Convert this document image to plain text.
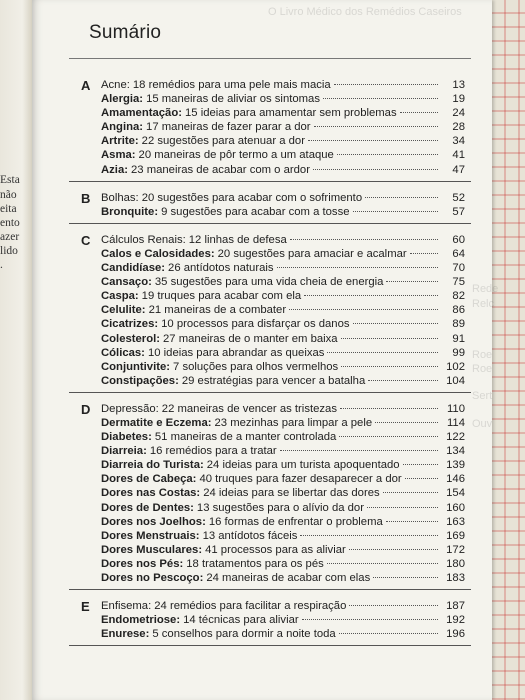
Esta
não
eita
ento
azer
lido
.
O Livro Médico dos Remédios Caseiros
Rede
Relc
Roe
Roe
Sert
Ouv
Sumário
A Acne: 18 remédios para uma pele mais macia	13
Alergia: 15 maneiras de aliviar os sintomas	19
Amamentação: 15 ideias para amamentar sem problemas	24
Angina: 17 maneiras de fazer parar a dor	28
Artrite: 22 sugestões para atenuar a dor	34
Asma: 20 maneiras de pôr termo a um ataque	41
Azia: 23 maneiras de acabar com o ardor	47
B Bolhas: 20 sugestões para acabar com o sofrimento	52
Bronquite: 9 sugestões para acabar com a tosse	57
C Cálculos Renais: 12 linhas de defesa	60
Calos e Calosidades: 20 sugestões para amaciar e acalmar	64
Candidíase: 26 antídotos naturais	70
Cansaço: 35 sugestões para uma vida cheia de energia	75
Caspa: 19 truques para acabar com ela	82
Celulite: 21 maneiras de a combater	86
Cicatrizes: 10 processos para disfarçar os danos	89
Colesterol: 27 maneiras de o manter em baixa	91
Cólicas: 10 ideias para abrandar as queixas	99
Conjuntivite: 7 soluções para olhos vermelhos	102
Constipações: 29 estratégias para vencer a batalha	104
D Depressão: 22 maneiras de vencer as tristezas	110
Dermatite e Eczema: 23 mezinhas para limpar a pele	114
Diabetes: 51 maneiras de a manter controlada	122
Diarreia: 16 remédios para a tratar	134
Diarreia do Turista: 24 ideias para um turista apoquentado	139
Dores de Cabeça: 40 truques para fazer desaparecer a dor	146
Dores nas Costas: 24 ideias para se libertar das dores	154
Dores de Dentes: 13 sugestões para o alívio da dor	160
Dores nos Joelhos: 16 formas de enfrentar o problema	163
Dores Menstruais: 13 antídotos fáceis	169
Dores Musculares: 41 processos para as aliviar	172
Dores nos Pés: 18 tratamentos para os pés	180
Dores no Pescoço: 24 maneiras de acabar com elas	183
E Enfisema: 24 remédios para facilitar a respiração	187
Endometriose: 14 técnicas para aliviar	192
Enurese: 5 conselhos para dormir a noite toda	196
